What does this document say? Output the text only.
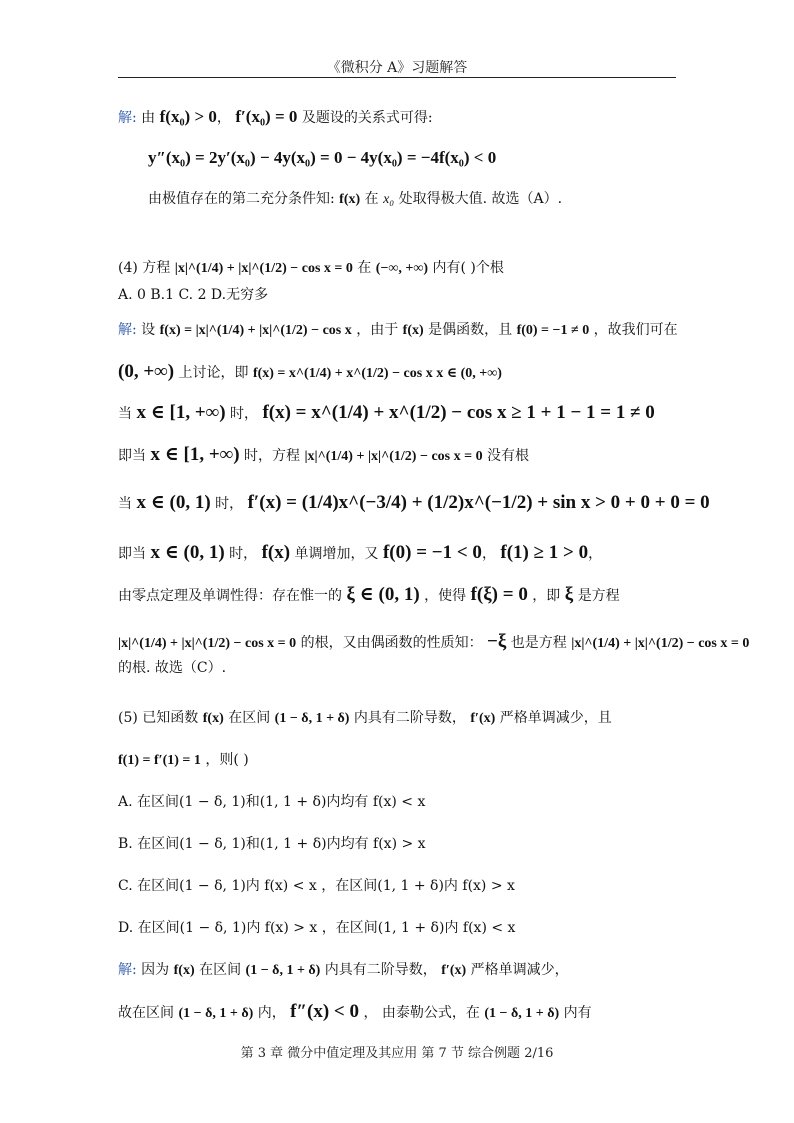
《微积分 A》习题解答
解: 由 f(x₀) > 0， f′(x₀) = 0 及题设的关系式可得:
y″(x₀) = 2y′(x₀) − 4y(x₀) = 0 − 4y(x₀) = −4f(x₀) < 0
由极值存在的第二充分条件知: f(x) 在 x₀ 处取得极大值. 故选（A）.
(4) 方程 |x|^(1/4) + |x|^(1/2) − cos x = 0 在 (−∞, +∞) 内有( )个根
A. 0 B.1 C. 2 D.无穷多
解: 设 f(x) = |x|^(1/4) + |x|^(1/2) − cos x ，由于 f(x) 是偶函数，且 f(0) = −1 ≠ 0 ，故我们可在
(0, +∞) 上讨论，即 f(x) = x^(1/4) + x^(1/2) − cos x x ∈ (0, +∞)
当 x ∈ [1, +∞) 时， f(x) = x^(1/4) + x^(1/2) − cos x ≥ 1 + 1 − 1 = 1 ≠ 0
即当 x ∈ [1, +∞) 时，方程 |x|^(1/4) + |x|^(1/2) − cos x = 0 没有根
当 x ∈ (0, 1) 时， f′(x) = (1/4)x^(−3/4) + (1/2)x^(−1/2) + sin x > 0 + 0 + 0 = 0
即当 x ∈ (0, 1) 时， f(x) 单调增加，又 f(0) = −1 < 0， f(1) ≥ 1 > 0，
由零点定理及单调性得：存在惟一的 ξ ∈ (0, 1) ，使得 f(ξ) = 0 ，即 ξ 是方程
|x|^(1/4) + |x|^(1/2) − cos x = 0 的根，又由偶函数的性质知： −ξ 也是方程 |x|^(1/4) + |x|^(1/2) − cos x = 0
的根. 故选（C）.
(5) 已知函数 f(x) 在区间 (1 − δ, 1 + δ) 内具有二阶导数， f′(x) 严格单调减少，且
f(1) = f′(1) = 1 ，则( )
A. 在区间(1 − δ, 1)和(1, 1 + δ)内均有 f(x) < x
B. 在区间(1 − δ, 1)和(1, 1 + δ)内均有 f(x) > x
C. 在区间(1 − δ, 1)内 f(x) < x ，在区间(1, 1 + δ)内 f(x) > x
D. 在区间(1 − δ, 1)内 f(x) > x ，在区间(1, 1 + δ)内 f(x) < x
解: 因为 f(x) 在区间 (1 − δ, 1 + δ) 内具有二阶导数， f′(x) 严格单调减少，
故在区间 (1 − δ, 1 + δ) 内， f″(x) < 0 ， 由泰勒公式，在 (1 − δ, 1 + δ) 内有
第 3 章 微分中值定理及其应用 第 7 节 综合例题 2/16
